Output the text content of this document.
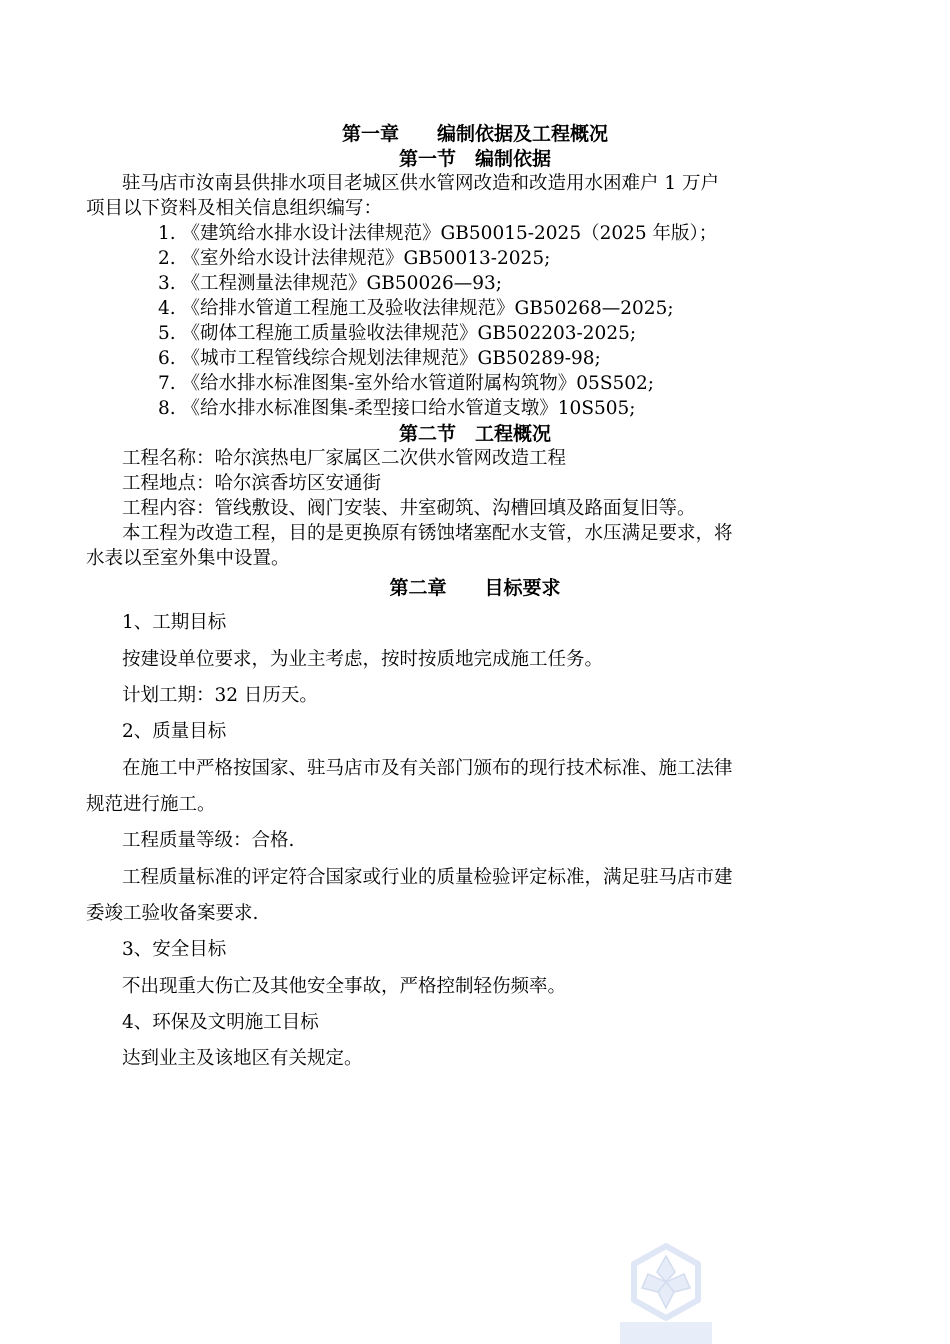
第一章　　编制依据及工程概况
第一节　编制依据
驻马店市汝南县供排水项目老城区供水管网改造和改造用水困难户 1 万户
项目以下资料及相关信息组织编写：
1. 《建筑给水排水设计法律规范》GB50015-2025（2025 年版）；
2. 《室外给水设计法律规范》GB50013-2025;
3. 《工程测量法律规范》GB50026—93;
4. 《给排水管道工程施工及验收法律规范》GB50268—2025;
5. 《砌体工程施工质量验收法律规范》GB502203-2025;
6. 《城市工程管线综合规划法律规范》GB50289-98;
7. 《给水排水标准图集-室外给水管道附属构筑物》05S502;
8. 《给水排水标准图集-柔型接口给水管道支墩》10S505;
第二节　工程概况
工程名称：哈尔滨热电厂家属区二次供水管网改造工程
工程地点：哈尔滨香坊区安通街
工程内容：管线敷设、阀门安装、井室砌筑、沟槽回填及路面复旧等。
本工程为改造工程，目的是更换原有锈蚀堵塞配水支管，水压满足要求，将
水表以至室外集中设置。
第二章　　目标要求
1、工期目标
按建设单位要求，为业主考虑，按时按质地完成施工任务。
计划工期：32 日历天。
2、质量目标
在施工中严格按国家、驻马店市及有关部门颁布的现行技术标准、施工法律
规范进行施工。
工程质量等级：合格.
工程质量标准的评定符合国家或行业的质量检验评定标准，满足驻马店市建
委竣工验收备案要求.
3、安全目标
不出现重大伤亡及其他安全事故，严格控制轻伤频率。
4、环保及文明施工目标
达到业主及该地区有关规定。
